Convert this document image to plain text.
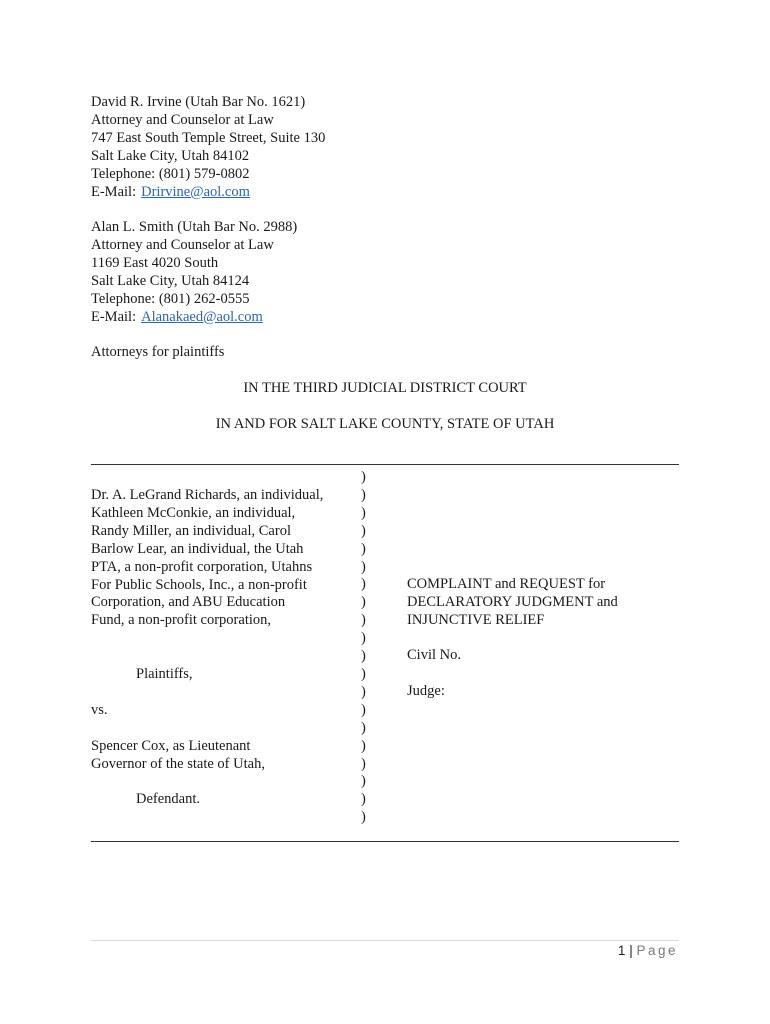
David R. Irvine (Utah Bar No. 1621)
Attorney and Counselor at Law
747 East South Temple Street, Suite 130
Salt Lake City, Utah 84102
Telephone: (801) 579-0802
E-Mail: Drirvine@aol.com
Alan L. Smith (Utah Bar No. 2988)
Attorney and Counselor at Law
1169 East 4020 South
Salt Lake City, Utah 84124
Telephone: (801) 262-0555
E-Mail: Alanakaed@aol.com
Attorneys for plaintiffs
IN THE THIRD JUDICIAL DISTRICT COURT
IN AND FOR SALT LAKE COUNTY, STATE OF UTAH
Dr. A. LeGrand Richards, an individual,
Kathleen McConkie, an individual,
Randy Miller, an individual, Carol
Barlow Lear, an individual, the Utah
PTA, a non-profit corporation, Utahns
For Public Schools, Inc., a non-profit
Corporation, and ABU Education
Fund, a non-profit corporation,

Plaintiffs,

vs.

Spencer Cox, as Lieutenant
Governor of the state of Utah,

Defendant.
)
)
)
)
)
)
)
)
)
)
)
)
)
)
)
)
)
)
)
)
COMPLAINT and REQUEST for
DECLARATORY JUDGMENT and
INJUNCTIVE RELIEF
Civil No.
Judge:
1 | Page
